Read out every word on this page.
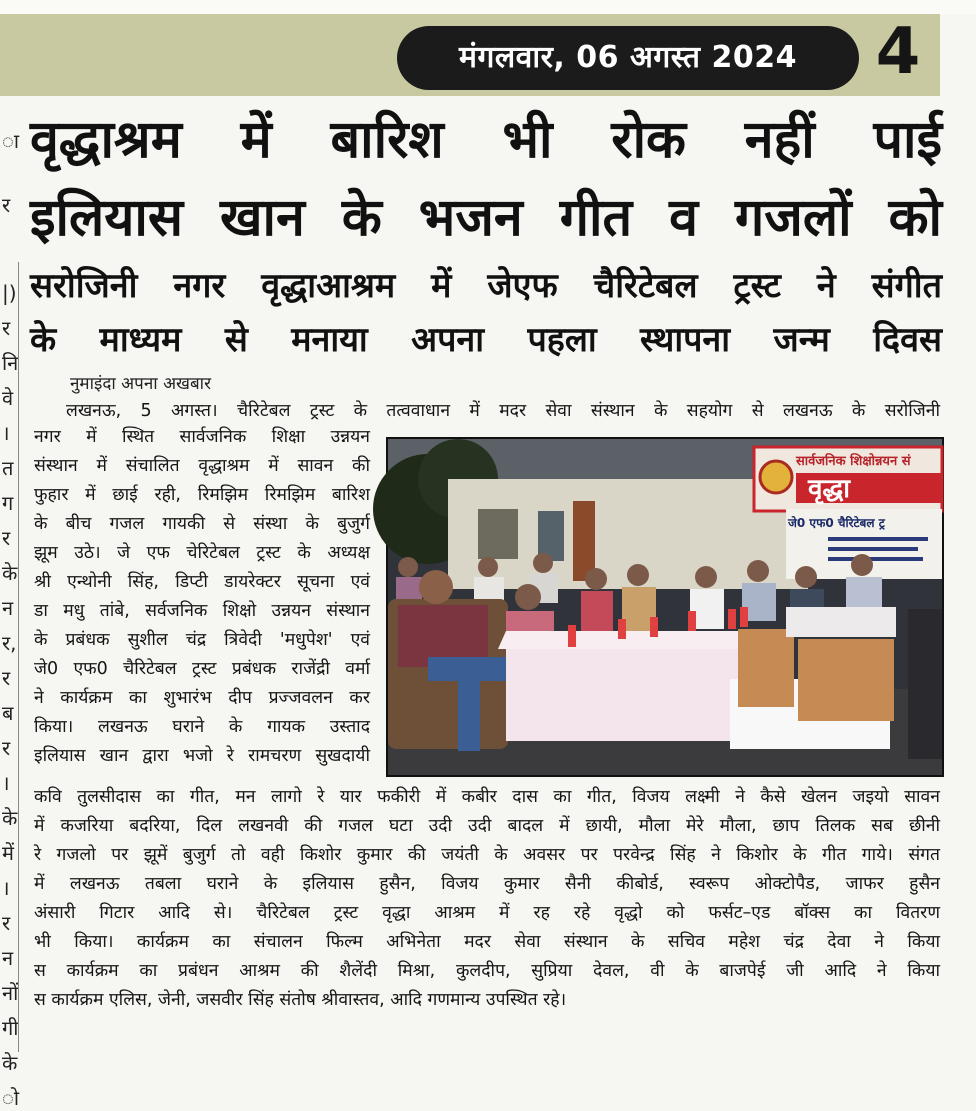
मंगलवार, 06 अगस्त 2024	4
ा
र
|)
र
नि
वे
।
त
ग
र
के
न
र,
र
ब
र
।
के
में
।
र
न
नों
गी
के
ो
वृद्धाश्रम में बारिश भी रोक नहीं पाई
इलियास खान के भजन गीत व गजलों को
सरोजिनी नगर वृद्धाआश्रम में जेएफ चैरिटेबल ट्रस्ट ने संगीत
के माध्यम से मनाया अपना पहला स्थापना जन्म दिवस
नुमाइंदा अपना अखबार
लखनऊ, 5 अगस्त। चैरिटेबल ट्रस्ट के तत्ववाधान में मदर सेवा संस्थान के सहयोग से लखनऊ के सरोजिनी
नगर में स्थित सार्वजनिक शिक्षा उन्नयन
संस्थान में संचालित वृद्धाश्रम में सावन की
फुहार में छाई रही, रिमझिम रिमझिम बारिश
के बीच गजल गायकी से संस्था के बुजुर्ग
झूम उठे। जे एफ चेरिटेबल ट्रस्ट के अध्यक्ष
श्री एन्थोनी सिंह, डिप्टी डायरेक्टर सूचना एवं
डा मधु तांबे, सर्वजनिक शिक्षो उन्नयन संस्थान
के प्रबंधक सुशील चंद्र त्रिवेदी 'मधुपेश' एवं
जे0 एफ0 चैरिटेबल ट्रस्ट प्रबंधक राजेंद्री वर्मा
ने कार्यक्रम का शुभारंभ दीप प्रज्जवलन कर
किया। लखनऊ घराने के गायक उस्ताद
इलियास खान द्वारा भजो रे रामचरण सुखदायी
कवि तुलसीदास का गीत, मन लागो रे यार फकीरी में कबीर दास का गीत, विजय लक्ष्मी ने कैसे खेलन जइयो सावन
में कजरिया बदरिया, दिल लखनवी की गजल घटा उदी उदी बादल में छायी, मौला मेरे मौला, छाप तिलक सब छीनी
रे गजलो पर झूमें बुजुर्ग तो वही किशोर कुमार की जयंती के अवसर पर परवेन्द्र सिंह ने किशोर के गीत गाये। संगत
में लखनऊ तबला घराने के इलियास हुसैन, विजय कुमार सैनी कीबोर्ड, स्वरूप ओक्टोपैड, जाफर हुसैन
अंसारी गिटार आदि से। चैरिटेबल ट्रस्ट वृद्धा आश्रम में रह रहे वृद्धो को फर्सट–एड बॉक्स का वितरण
भी किया। कार्यक्रम का संचालन फिल्म अभिनेता मदर सेवा संस्थान के सचिव महेश चंद्र देवा ने किया
स कार्यक्रम का प्रबंधन आश्रम की शैलेंदी मिश्रा, कुलदीप, सुप्रिया देवल, वी के बाजपेई जी आदि ने किया
स कार्यक्रम एलिस, जेनी, जसवीर सिंह संतोष श्रीवास्तव, आदि गणमान्य उपस्थित रहे।
सार्वजनिक शिक्षोन्नयन सं
वृद्धा
जे0 एफ0 चैरिटेबल ट्र
